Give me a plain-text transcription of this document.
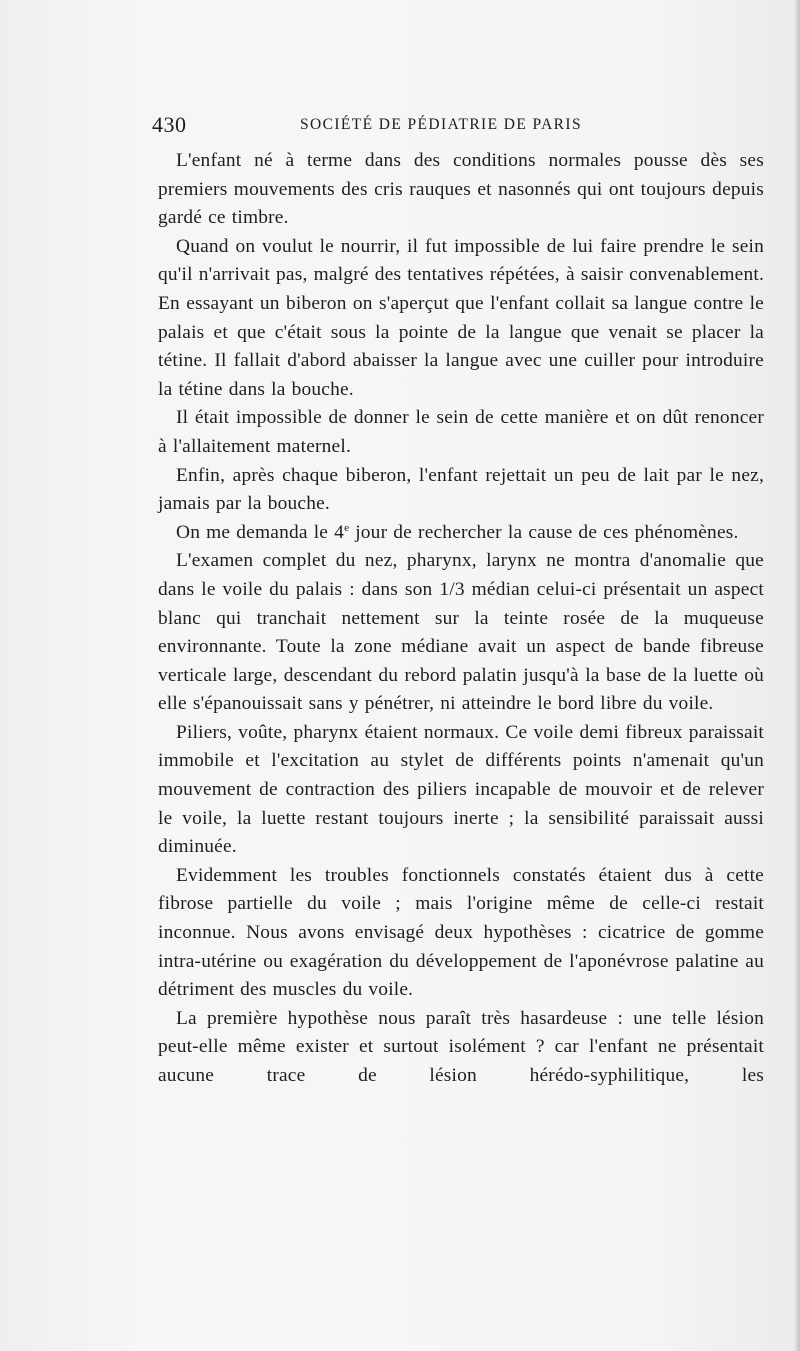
430	SOCIÉTÉ DE PÉDIATRIE DE PARIS

L'enfant né à terme dans des conditions normales pousse dès ses premiers mouvements des cris rauques et nasonnés qui ont toujours depuis gardé ce timbre.

Quand on voulut le nourrir, il fut impossible de lui faire prendre le sein qu'il n'arrivait pas, malgré des tentatives répétées, à saisir convenablement. En essayant un biberon on s'aperçut que l'enfant collait sa langue contre le palais et que c'était sous la pointe de la langue que venait se placer la tétine. Il fallait d'abord abaisser la langue avec une cuiller pour introduire la tétine dans la bouche.

Il était impossible de donner le sein de cette manière et on dût renoncer à l'allaitement maternel.

Enfin, après chaque biberon, l'enfant rejettait un peu de lait par le nez, jamais par la bouche.

On me demanda le 4e jour de rechercher la cause de ces phénomènes.

L'examen complet du nez, pharynx, larynx ne montra d'anomalie que dans le voile du palais : dans son 1/3 médian celui-ci présentait un aspect blanc qui tranchait nettement sur la teinte rosée de la muqueuse environnante. Toute la zone médiane avait un aspect de bande fibreuse verticale large, descendant du rebord palatin jusqu'à la base de la luette où elle s'épanouissait sans y pénétrer, ni atteindre le bord libre du voile.

Piliers, voûte, pharynx étaient normaux. Ce voile demi fibreux paraissait immobile et l'excitation au stylet de différents points n'amenait qu'un mouvement de contraction des piliers incapable de mouvoir et de relever le voile, la luette restant toujours inerte ; la sensibilité paraissait aussi diminuée.

Evidemment les troubles fonctionnels constatés étaient dus à cette fibrose partielle du voile ; mais l'origine même de celle-ci restait inconnue. Nous avons envisagé deux hypothèses : cicatrice de gomme intra-utérine ou exagération du développement de l'aponévrose palatine au détriment des muscles du voile.

La première hypothèse nous paraît très hasardeuse : une telle lésion peut-elle même exister et surtout isolément ? car l'enfant ne présentait aucune trace de lésion hérédo-syphilitique, les
